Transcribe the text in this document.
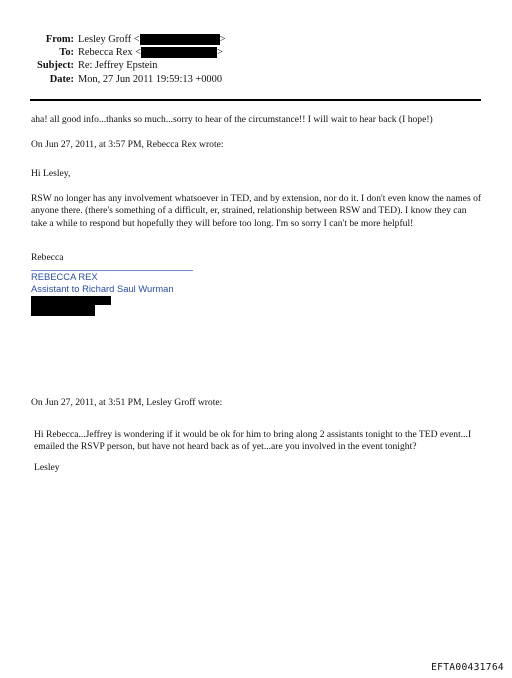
From: Lesley Groff <	>
To: Rebecca Rex <	>
Subject: Re: Jeffrey Epstein
Date: Mon, 27 Jun 2011 19:59:13 +0000
aha! all good info...thanks so much...sorry to hear of the circumstance!! I will wait to hear back (I hope!)
On Jun 27, 2011, at 3:57 PM, Rebecca Rex wrote:
Hi Lesley,
RSW no longer has any involvement whatsoever in TED, and by extension, nor do it. I don't even know the names of anyone there. (there's something of a difficult, er, strained, relationship between RSW and TED). I know they can take a while to respond but hopefully they will before too long. I'm so sorry I can't be more helpful!
Rebecca
REBECCA REX
Assistant to Richard Saul Wurman
On Jun 27, 2011, at 3:51 PM, Lesley Groff wrote:
Hi Rebecca...Jeffrey is wondering if it would be ok for him to bring along 2 assistants tonight to the TED event...I emailed the RSVP person, but have not heard back as of yet...are you involved in the event tonight?
Lesley
EFTA00431764
